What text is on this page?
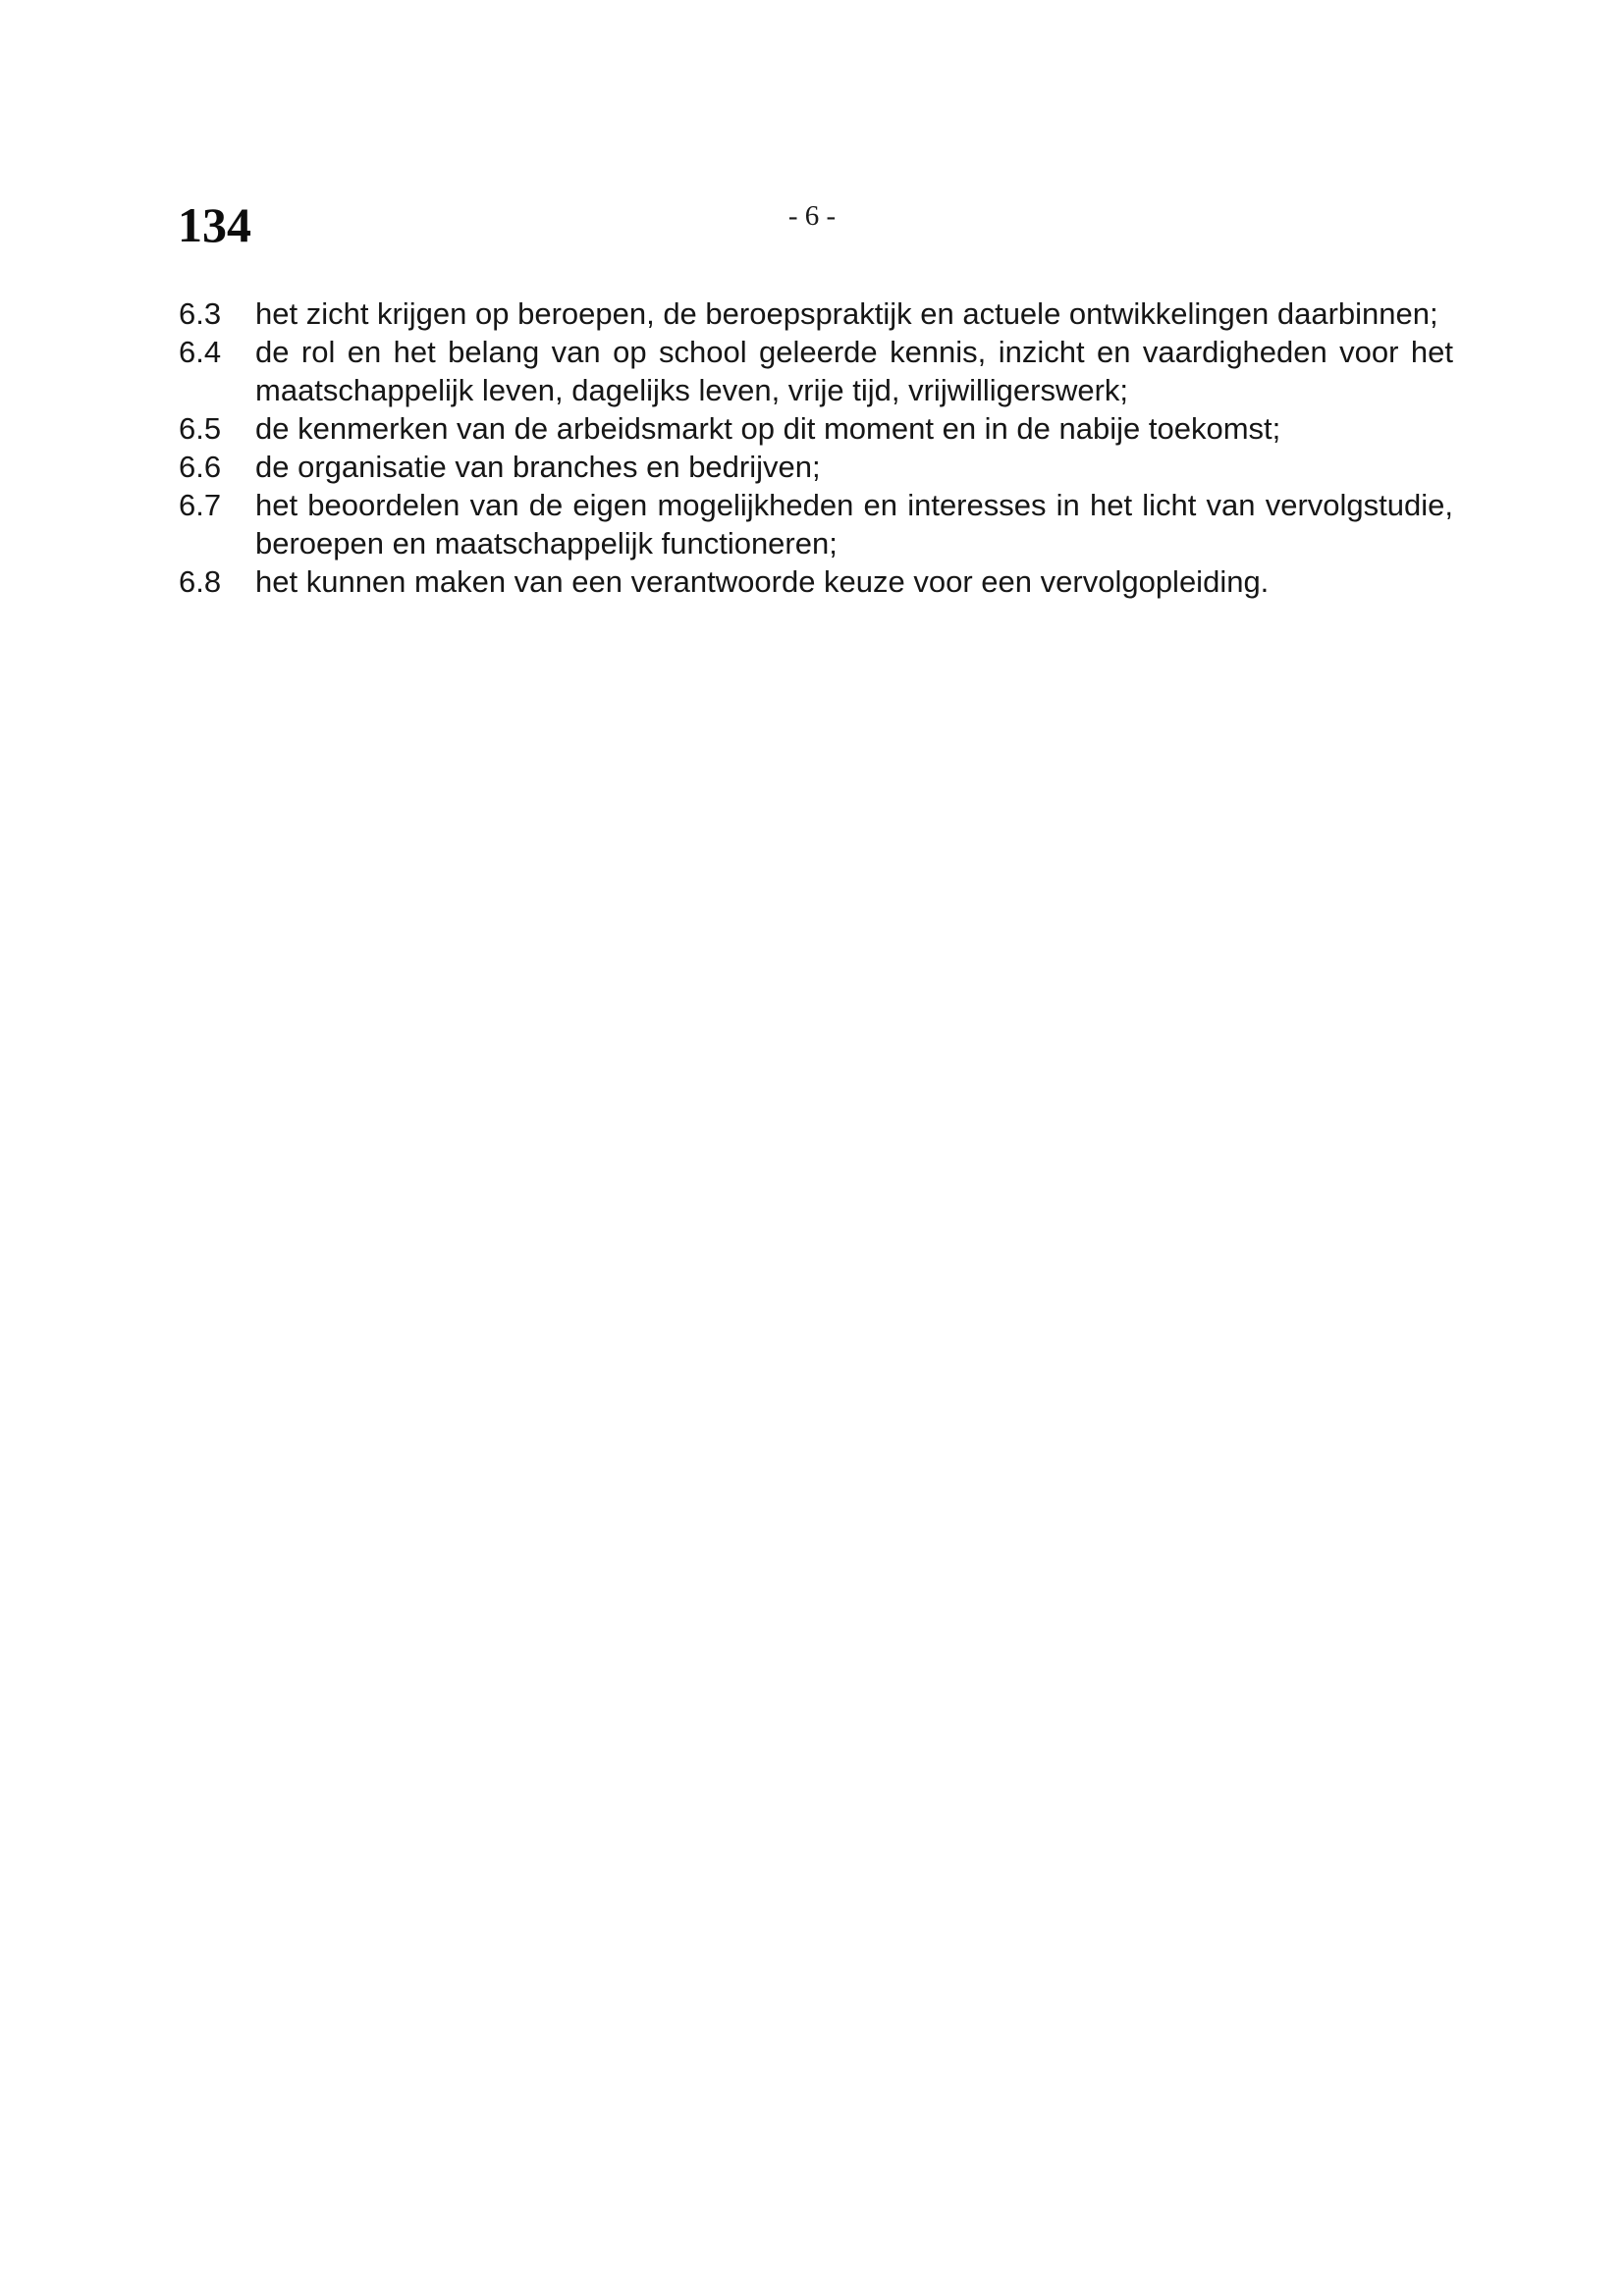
134	- 6 -
6.3	het zicht krijgen op beroepen, de beroepspraktijk en actuele ontwikkelingen daarbinnen;
6.4	de rol en het belang van op school geleerde kennis, inzicht en vaardigheden voor het maatschappelijk leven, dagelijks leven, vrije tijd, vrijwilligerswerk;
6.5	de kenmerken van de arbeidsmarkt op dit moment en in de nabije toekomst;
6.6	de organisatie van branches en bedrijven;
6.7	het beoordelen van de eigen mogelijkheden en interesses in het licht van vervolgstudie, beroepen en maatschappelijk functioneren;
6.8	het kunnen maken van een verantwoorde keuze voor een vervolgopleiding.
